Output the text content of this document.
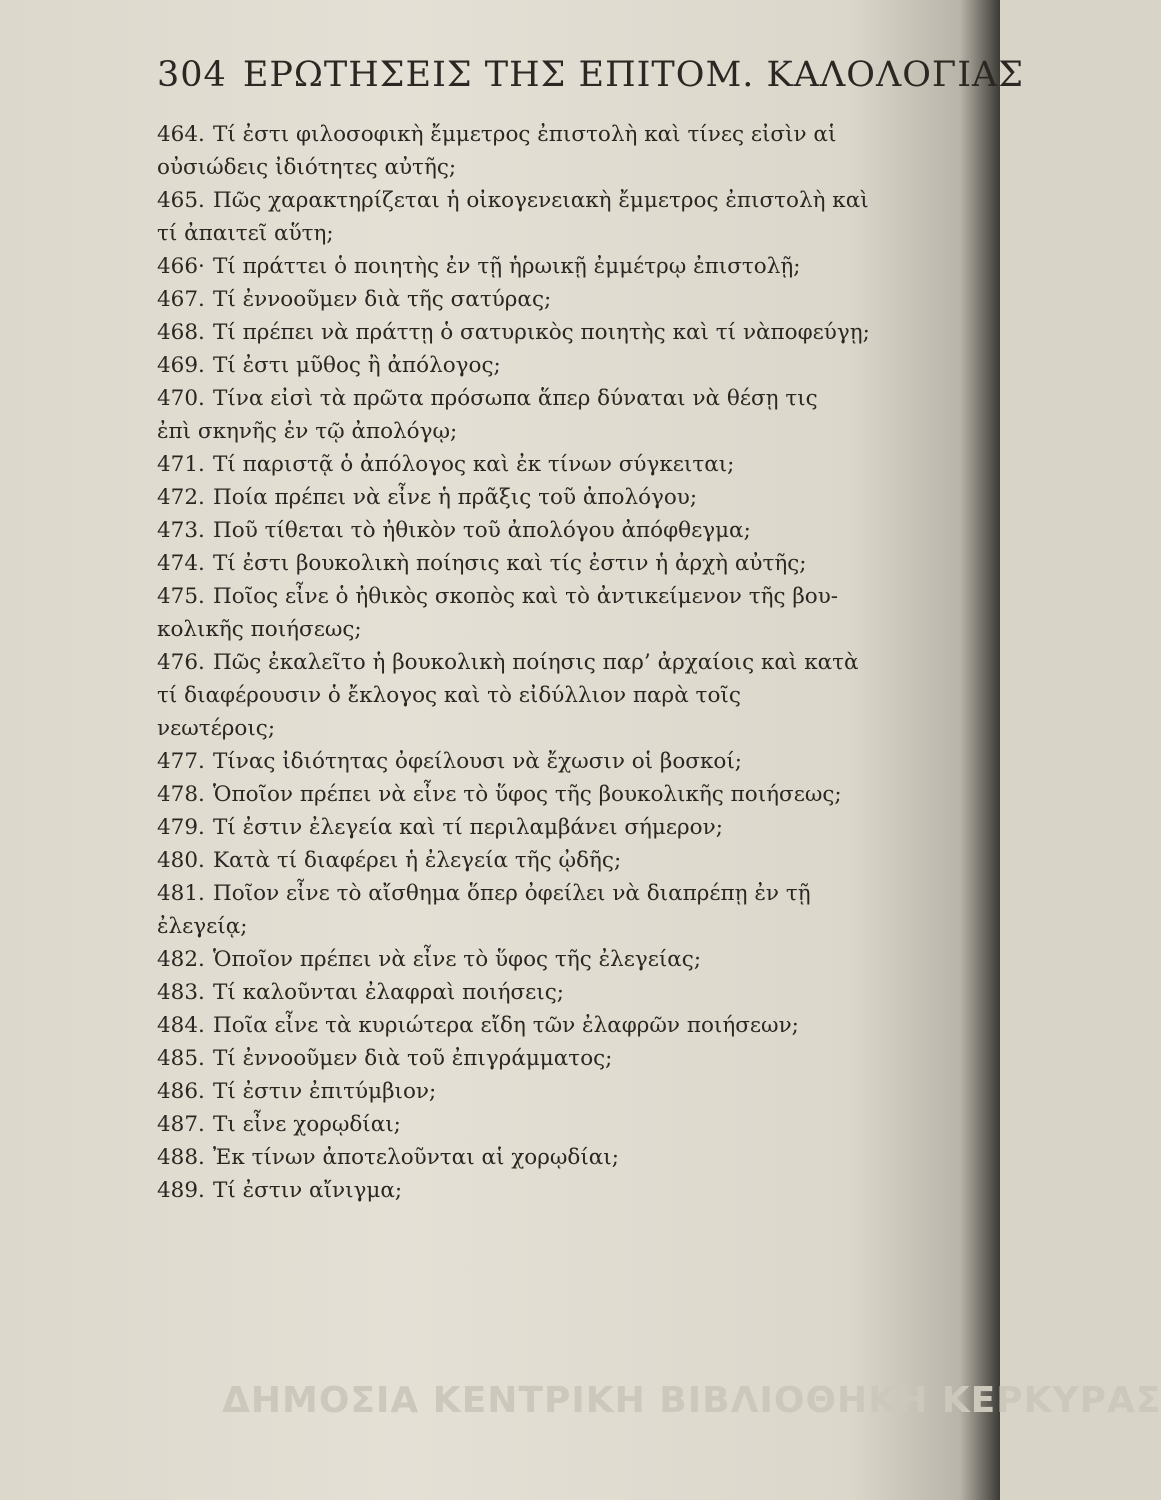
304 ΕΡΩΤΗΣΕΙΣ ΤΗΣ ΕΠΙΤΟΜ. ΚΑΛΟΛΟΓΙΑΣ
464. Τί ἐστι φιλοσοφικὴ ἔμμετρος ἐπιστολὴ καὶ τίνες εἰσὶν αἱ
οὐσιώδεις ἰδιότητες αὐτῆς;
465. Πῶς χαρακτηρίζεται ἡ οἰκογενειακὴ ἔμμετρος ἐπιστολὴ καὶ
τί ἀπαιτεῖ αὕτη;
466· Τί πράττει ὁ ποιητὴς ἐν τῇ ἡρωικῇ ἐμμέτρῳ ἐπιστολῇ;
467. Τί ἐννοοῦμεν διὰ τῆς σατύρας;
468. Τί πρέπει νὰ πράττῃ ὁ σατυρικὸς ποιητὴς καὶ τί νὰποφεύγῃ;
469. Τί ἐστι μῦθος ἢ ἀπόλογος;
470. Τίνα εἰσὶ τὰ πρῶτα πρόσωπα ἅπερ δύναται νὰ θέσῃ τις
ἐπὶ σκηνῆς ἐν τῷ ἀπολόγῳ;
471. Τί παριστᾷ ὁ ἀπόλογος καὶ ἐκ τίνων σύγκειται;
472. Ποία πρέπει νὰ εἶνε ἡ πρᾶξις τοῦ ἀπολόγου;
473. Ποῦ τίθεται τὸ ἠθικὸν τοῦ ἀπολόγου ἀπόφθεγμα;
474. Τί ἐστι βουκολικὴ ποίησις καὶ τίς ἐστιν ἡ ἀρχὴ αὐτῆς;
475. Ποῖος εἶνε ὁ ἠθικὸς σκοπὸς καὶ τὸ ἀντικείμενον τῆς βου-
κολικῆς ποιήσεως;
476. Πῶς ἐκαλεῖτο ἡ βουκολικὴ ποίησις παρ’ ἀρχαίοις καὶ κατὰ
τί διαφέρουσιν ὁ ἔκλογος καὶ τὸ εἰδύλλιον παρὰ τοῖς
νεωτέροις;
477. Τίνας ἰδιότητας ὀφείλουσι νὰ ἔχωσιν οἱ βοσκοί;
478. Ὁποῖον πρέπει νὰ εἶνε τὸ ὕφος τῆς βουκολικῆς ποιήσεως;
479. Τί ἐστιν ἐλεγεία καὶ τί περιλαμβάνει σήμερον;
480. Κατὰ τί διαφέρει ἡ ἐλεγεία τῆς ᾠδῆς;
481. Ποῖον εἶνε τὸ αἴσθημα ὅπερ ὀφείλει νὰ διαπρέπῃ ἐν τῇ
ἐλεγείᾳ;
482. Ὁποῖον πρέπει νὰ εἶνε τὸ ὕφος τῆς ἐλεγείας;
483. Τί καλοῦνται ἐλαφραὶ ποιήσεις;
484. Ποῖα εἶνε τὰ κυριώτερα εἴδη τῶν ἐλαφρῶν ποιήσεων;
485. Τί ἐννοοῦμεν διὰ τοῦ ἐπιγράμματος;
486. Τί ἐστιν ἐπιτύμβιον;
487. Τι εἶνε χορῳδίαι;
488. Ἐκ τίνων ἀποτελοῦνται αἱ χορῳδίαι;
489. Τί ἐστιν αἴνιγμα;
ΔΗΜΟΣΙΑ ΚΕΝΤΡΙΚΗ ΒΙΒΛΙΟΘΗΚΗ ΚΕΡΚΥΡΑΣ
